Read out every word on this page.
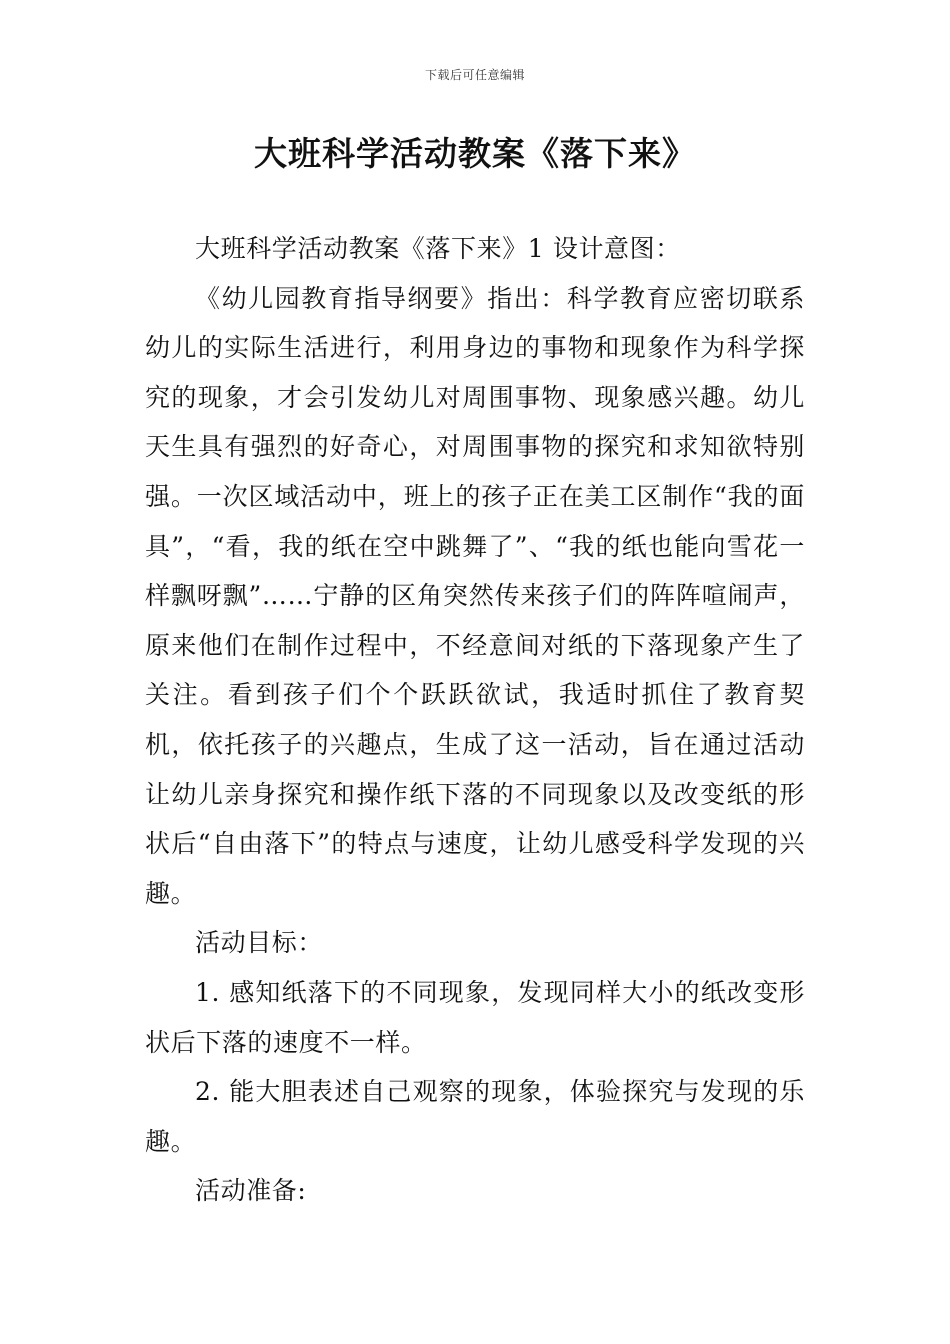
下载后可任意编辑
大班科学活动教案《落下来》

大班科学活动教案《落下来》1 设计意图：

《幼儿园教育指导纲要》指出：科学教育应密切联系幼儿的实际生活进行，利用身边的事物和现象作为科学探究的现象，才会引发幼儿对周围事物、现象感兴趣。幼儿天生具有强烈的好奇心，对周围事物的探究和求知欲特别强。一次区域活动中，班上的孩子正在美工区制作“我的面具”，“看，我的纸在空中跳舞了”、“我的纸也能向雪花一样飘呀飘”……宁静的区角突然传来孩子们的阵阵喧闹声，原来他们在制作过程中，不经意间对纸的下落现象产生了关注。看到孩子们个个跃跃欲试，我适时抓住了教育契机，依托孩子的兴趣点，生成了这一活动，旨在通过活动让幼儿亲身探究和操作纸下落的不同现象以及改变纸的形状后“自由落下”的特点与速度，让幼儿感受科学发现的兴趣。

活动目标：

1. 感知纸落下的不同现象，发现同样大小的纸改变形状后下落的速度不一样。

2. 能大胆表述自己观察的现象，体验探究与发现的乐趣。

活动准备:
